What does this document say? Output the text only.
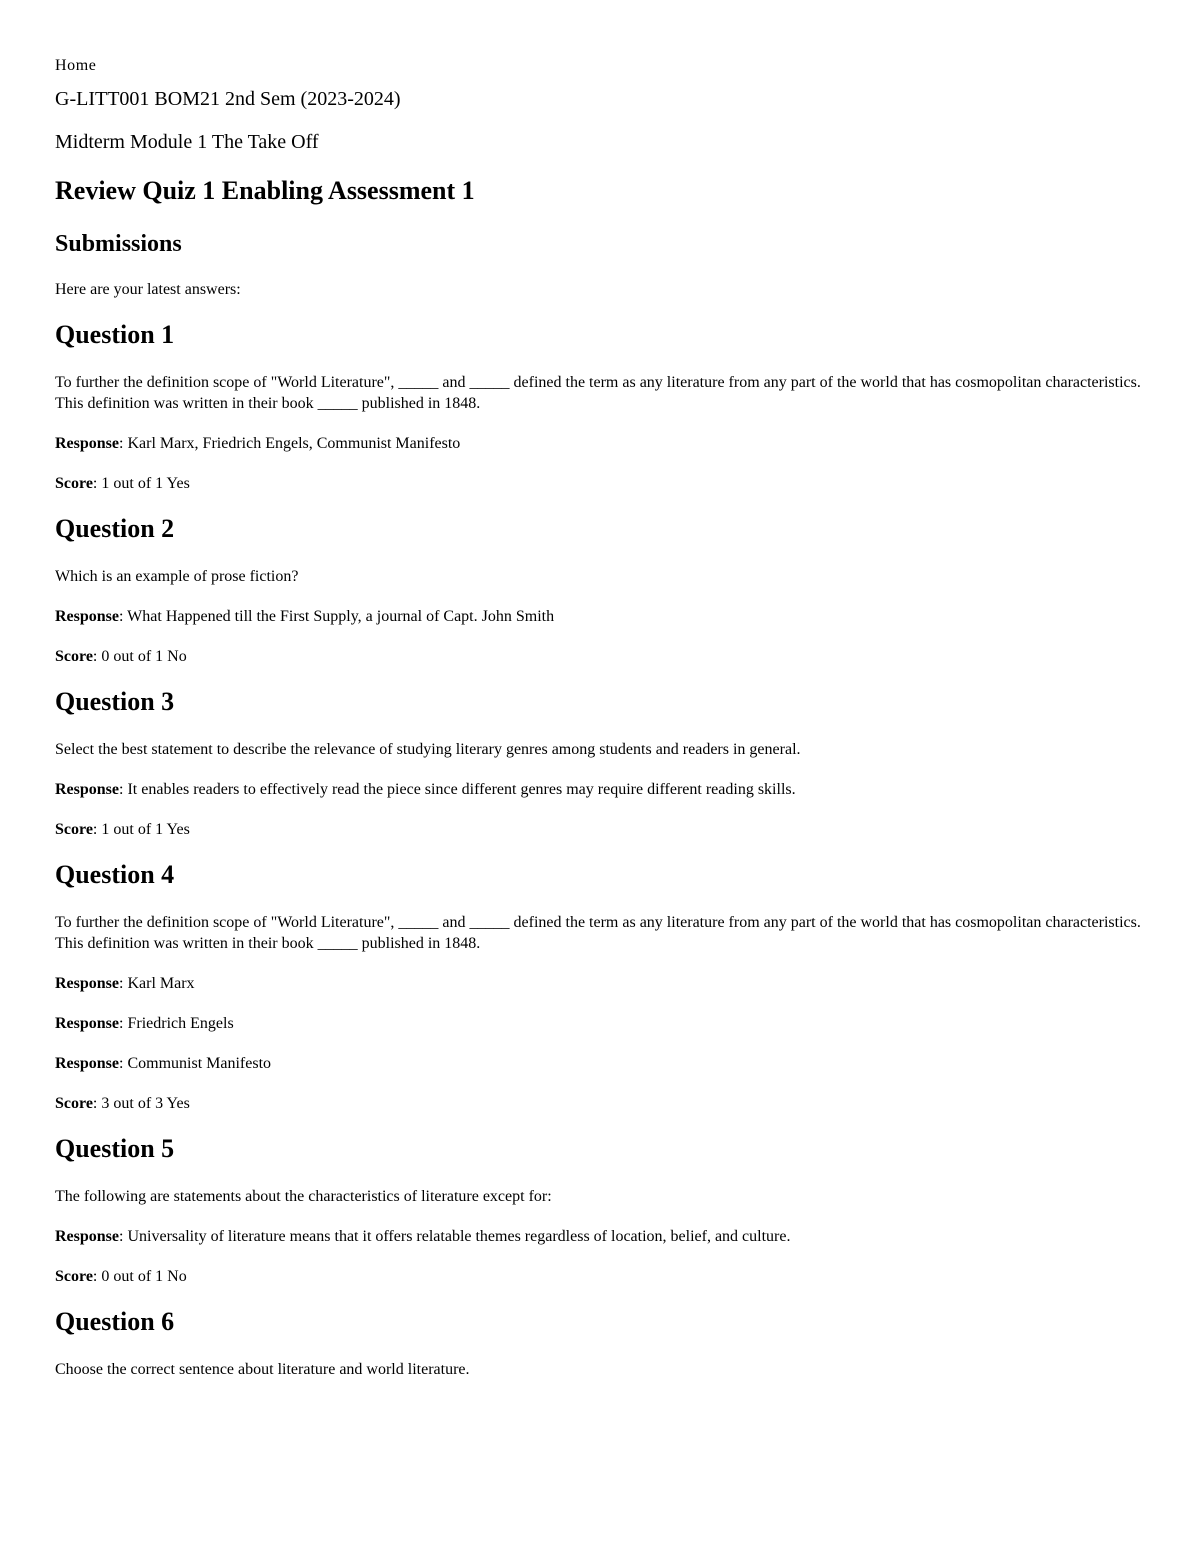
Home
G-LITT001 BOM21 2nd Sem (2023-2024)
Midterm Module 1 The Take Off
Review Quiz 1 Enabling Assessment 1
Submissions

Here are your latest answers:

Question 1

To further the definition scope of "World Literature", _____ and _____ defined the term as any literature from any part of the world that has cosmopolitan characteristics. This definition was written in their book _____ published in 1848.

Response: Karl Marx, Friedrich Engels, Communist Manifesto

Score: 1 out of 1 Yes

Question 2

Which is an example of prose fiction?

Response: What Happened till the First Supply, a journal of Capt. John Smith

Score: 0 out of 1 No

Question 3

Select the best statement to describe the relevance of studying literary genres among students and readers in general.

Response: It enables readers to effectively read the piece since different genres may require different reading skills.

Score: 1 out of 1 Yes

Question 4

To further the definition scope of "World Literature", _____ and _____ defined the term as any literature from any part of the world that has cosmopolitan characteristics. This definition was written in their book _____ published in 1848.

Response: Karl Marx

Response: Friedrich Engels

Response: Communist Manifesto

Score: 3 out of 3 Yes

Question 5

The following are statements about the characteristics of literature except for:

Response: Universality of literature means that it offers relatable themes regardless of location, belief, and culture.

Score: 0 out of 1 No

Question 6

Choose the correct sentence about literature and world literature.
